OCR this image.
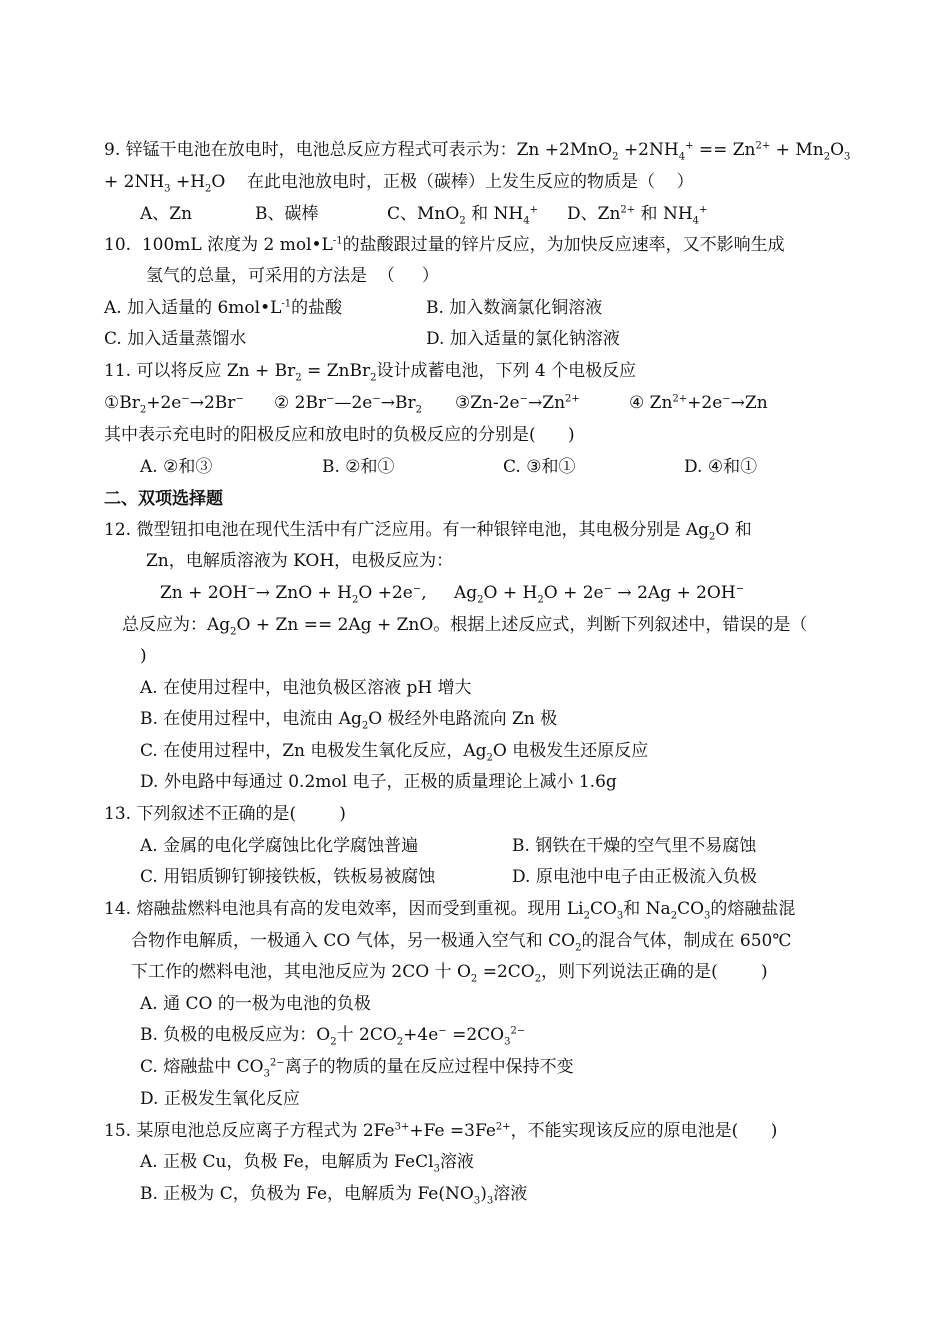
9. 锌锰干电池在放电时，电池总反应方程式可表示为：$Zn +2MnO_2 +2NH_4^+ == Zn^{2+} + Mn_2O_3$
+ $2NH_3 +H_2O$    在此电池放电时，正极（碳棒）上发生反应的物质是（    ）
A、Zn	B、碳棒	C、MnO$_2$ 和 $NH_4^+$ D、$Zn^{2+}$ 和 $NH_4^+$
10.  100mL 浓度为 2 $mol•L^{-1}$的盐酸跟过量的锌片反应，为加快反应速率，又不影响生成
氢气的总量，可采用的方法是  （     ）
A. 加入适量的 $6mol•L^{-1}$的盐酸	B. 加入数滴氯化铜溶液
C. 加入适量蒸馏水	D. 加入适量的氯化钠溶液
11. 可以将反应 $Zn + Br_2$ = ZnBr$_2$设计成蓄电池，下列 4 个电极反应
$①Br_2+2e^-\to 2Br^-$ ② $2Br^-—2e^-\to Br_2$ ③Zn-$2e^-\to Zn^{2+}$	④ $Zn^{2+}+2e^-\to Zn$
其中表示充电时的阳极反应和放电时的负极反应的分别是(      )
A. ②和③	B. ②和①	C. ③和①	D. ④和①
二、双项选择题
12. 微型钮扣电池在现代生活中有广泛应用。有一种银锌电池，其电极分别是 $Ag_2O$ 和
Zn，电解质溶液为 KOH，电极反应为：
Zn + 2OH−→ ZnO + $H_2O +2e^-$, $Ag_2O + H_2O + 2e^- \to 2Ag + 2OH^-$
总反应为：$Ag_2O + Zn == 2Ag$ + ZnO。根据上述反应式，判断下列叙述中，错误的是（
)
A. 在使用过程中，电池负极区溶液 pH 增大
B. 在使用过程中，电流由 $Ag_2O$ 极经外电路流向 Zn 极
C. 在使用过程中，Zn 电极发生氧化反应，$Ag_2O$ 电极发生还原反应
D. 外电路中每通过 0.2mol 电子，正极的质量理论上减小 1.6g
13. 下列叙述不正确的是(        )
A. 金属的电化学腐蚀比化学腐蚀普遍	B. 钢铁在干燥的空气里不易腐蚀
C. 用铝质铆钉铆接铁板，铁板易被腐蚀	D. 原电池中电子由正极流入负极
14. 熔融盐燃料电池具有高的发电效率，因而受到重视。现用 $Li_2CO_3$和 $Na_2CO_3$的熔融盐混
合物作电解质，一极通入 CO 气体，另一极通入空气和 $CO_2$的混合气体，制成在 650℃
下工作的燃料电池，其电池反应为 2CO 十 $O_2 =2CO_2$，则下列说法正确的是(        )
A. 通 CO 的一极为电池的负极
B. 负极的电极反应为：$O_2$十 $2CO_2+4e^- =2CO_3^{2-}$
C. 熔融盐中 $CO_3^{2-}$离子的物质的量在反应过程中保持不变
D. 正极发生氧化反应
15. 某原电池总反应离子方程式为 $2Fe^{3+}+Fe =3Fe^{2+}$，不能实现该反应的原电池是(      )
A. 正极 Cu，负极 Fe，电解质为 FeCl$_3$溶液
B. 正极为 C，负极为 Fe，电解质为 $Fe(NO_3)_3$溶液
